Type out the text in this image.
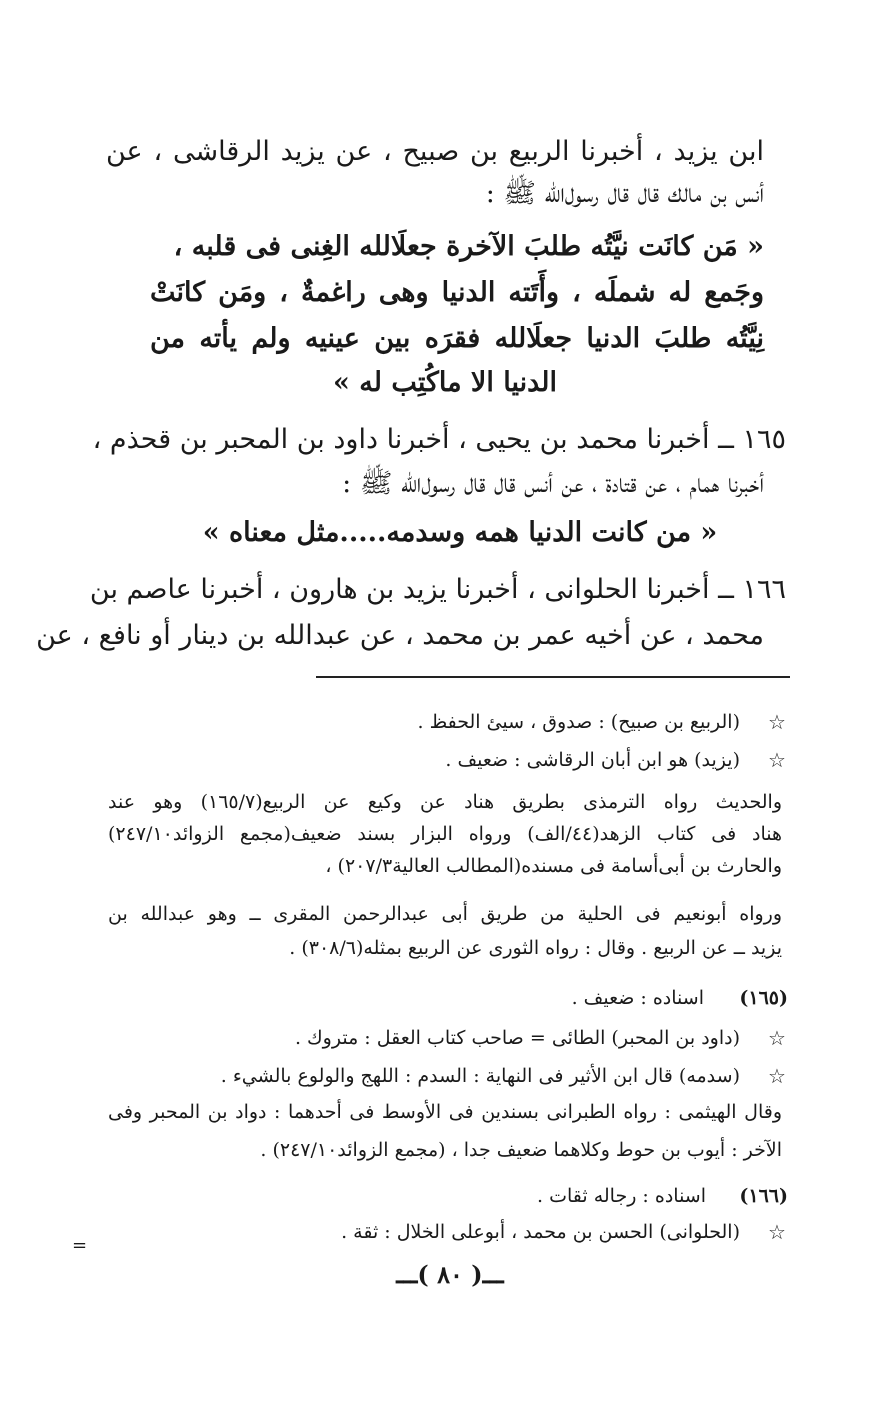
ابن يزيد ، أخبرنا الربيع بن صبيح ، عن يزيد الرقاشى ، عن
أنس بن مالك قال قال رسول‌الله ﷺ :
« مَن كانَت نيَّتُه طلبَ الآخرة جعلَالله الغِنى فى قلبه ،
وجَمع له شملَه ، وأَتَته الدنيا وهى راغمةٌ ، ومَن كانَتْ
نِيَّتُه طلبَ الدنيا جعلَالله فقرَه بين عينيه ولم يأته من
الدنيا الا ماكُتِب له »
١٦٥ ــ أخبرنا محمد بن يحيى ، أخبرنا داود بن المحبر بن قحذم ،
أخبرنا همام ، عن قتادة ، عن أنس قال قال رسول‌الله ﷺ :
« من كانت الدنيا همه وسدمه.....مثل معناه »
١٦٦ ــ أخبرنا الحلوانى ، أخبرنا يزيد بن هارون ، أخبرنا عاصم بن
محمد ، عن أخيه عمر بن محمد ، عن عبدالله بن دينار أو نافع ، عن
☆
(الربيع بن صبيح) : صدوق ، سيئ الحفظ .
☆
(يزيد) هو ابن أبان الرقاشى : ضعيف .
والحديث رواه الترمذى بطريق هناد عن وكيع عن الربيع(١٦٥/٧) وهو عند
هناد فى كتاب الزهد(٤٤/الف) ورواه البزار بسند ضعيف(مجمع الزوائد٢٤٧/١٠)
والحارث بن أبى‌أسامة فى مسنده(المطالب العالية٢٠٧/٣) ،
ورواه أبونعيم فى الحلية من طريق أبى عبدالرحمن المقرى ــ وهو عبدالله بن
يزيد ــ عن الربيع . وقال : رواه الثورى عن الربيع بمثله(٣٠٨/٦) .
(١٦٥)
اسناده : ضعيف .
☆
(داود بن المحبر) الطائى = صاحب كتاب العقل : متروك .
☆
(سدمه) قال ابن الأثير فى النهاية : السدم : اللهج والولوع بالشيء .
وقال الهيثمى : رواه الطبرانى بسندين فى الأوسط فى أحدهما : دواد بن المحبر وفى
الآخر : أيوب بن حوط وكلاهما ضعيف جدا ، (مجمع الزوائد٢٤٧/١٠) .
(١٦٦)
اسناده : رجاله ثقات .
☆
(الحلوانى) الحسن بن محمد ، أبوعلى الخلال : ثقة .
ـــ( ٨٠ )ـــ
=
